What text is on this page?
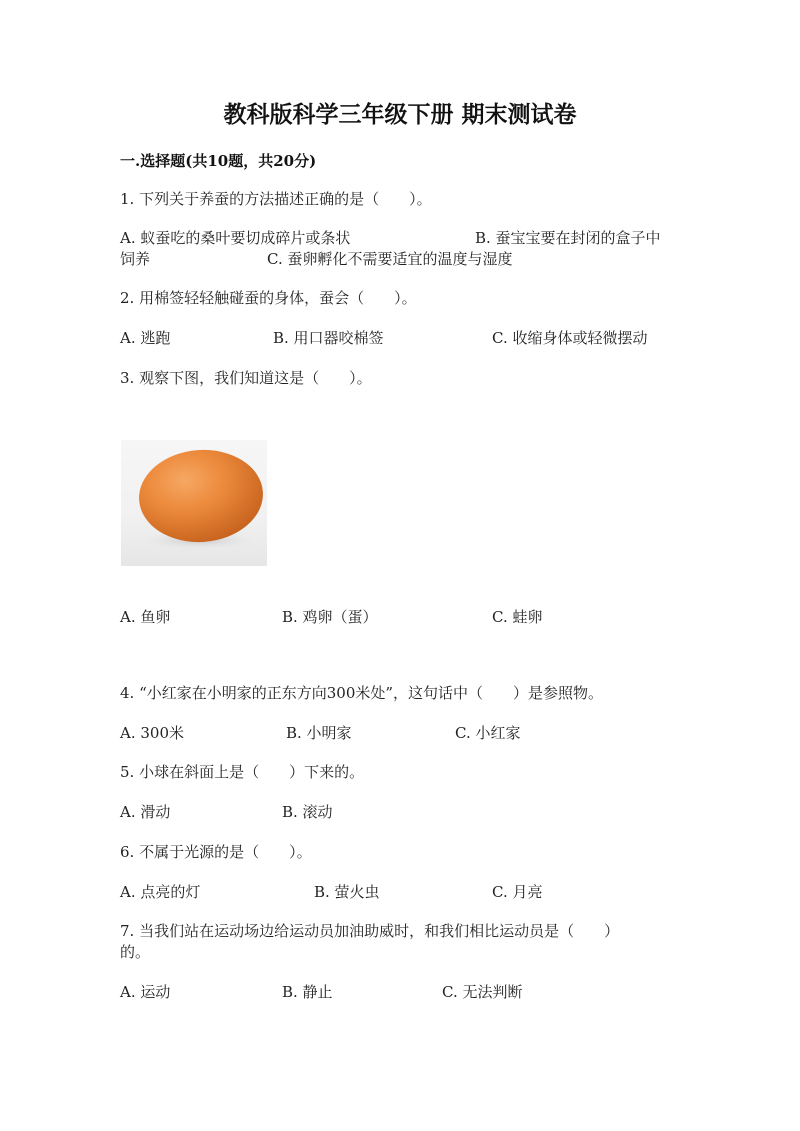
教科版科学三年级下册 期末测试卷
一.选择题(共10题，共20分)
1. 下列关于养蚕的方法描述正确的是（　　）。
A. 蚁蚕吃的桑叶要切成碎片或条状	B. 蚕宝宝要在封闭的盒子中
饲养	C. 蚕卵孵化不需要适宜的温度与湿度
2. 用棉签轻轻触碰蚕的身体，蚕会（　　）。
A. 逃跑	B. 用口器咬棉签	C. 收缩身体或轻微摆动
3. 观察下图，我们知道这是（　　）。
A. 鱼卵	B. 鸡卵（蛋）	C. 蛙卵
4. “小红家在小明家的正东方向300米处”，这句话中（　　）是参照物。
A. 300米	B. 小明家	C. 小红家
5. 小球在斜面上是（　　）下来的。
A. 滑动	B. 滚动
6. 不属于光源的是（　　）。
A. 点亮的灯	B. 萤火虫	C. 月亮
7. 当我们站在运动场边给运动员加油助威时，和我们相比运动员是（　　）
的。
A. 运动	B. 静止	C. 无法判断
